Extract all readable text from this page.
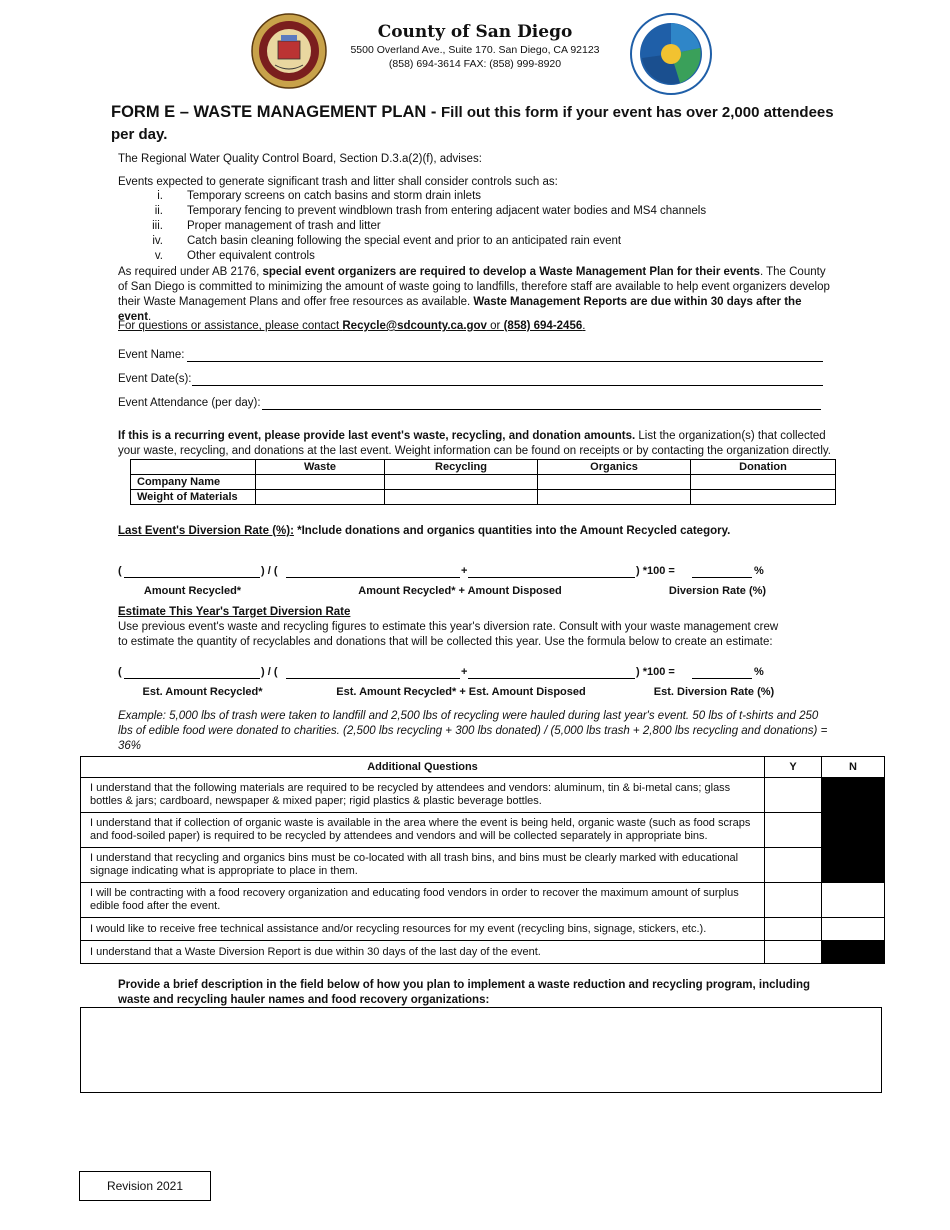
County of San Diego
5500 Overland Ave., Suite 170. San Diego, CA 92123
(858) 694-3614 FAX: (858) 999-8920
FORM E – WASTE MANAGEMENT PLAN - Fill out this form if your event has over 2,000 attendees
per day.
The Regional Water Quality Control Board, Section D.3.a(2)(f), advises:
Events expected to generate significant trash and litter shall consider controls such as:
i. Temporary screens on catch basins and storm drain inlets
ii. Temporary fencing to prevent windblown trash from entering adjacent water bodies and MS4 channels
iii. Proper management of trash and litter
iv. Catch basin cleaning following the special event and prior to an anticipated rain event
v. Other equivalent controls
As required under AB 2176, special event organizers are required to develop a Waste Management Plan for their events. The County of San Diego is committed to minimizing the amount of waste going to landfills, therefore staff are available to help event organizers develop their Waste Management Plans and offer free resources as available. Waste Management Reports are due within 30 days after the event.
For questions or assistance, please contact Recycle@sdcounty.ca.gov or (858) 694-2456.
Event Name:
Event Date(s):
Event Attendance (per day):
If this is a recurring event, please provide last event's waste, recycling, and donation amounts. List the organization(s) that collected your waste, recycling, and donations at the last event. Weight information can be found on receipts or by contacting the organization directly.
	Waste	Recycling	Organics	Donation
Company Name				
Weight of Materials				
Last Event's Diversion Rate (%): *Include donations and organics quantities into the Amount Recycled category.
(	) / (	+	) *100 =	%
Amount Recycled*	Amount Recycled* + Amount Disposed	Diversion Rate (%)
Estimate This Year's Target Diversion Rate
Use previous event's waste and recycling figures to estimate this year's diversion rate. Consult with your waste management crew to estimate the quantity of recyclables and donations that will be collected this year. Use the formula below to create an estimate:
(	) / (	+	) *100 =	%
Est. Amount Recycled*	Est. Amount Recycled* + Est. Amount Disposed	Est. Diversion Rate (%)
Example: 5,000 lbs of trash were taken to landfill and 2,500 lbs of recycling were hauled during last year's event. 50 lbs of t-shirts and 250 lbs of edible food were donated to charities. (2,500 lbs recycling + 300 lbs donated) / (5,000 lbs trash + 2,800 lbs recycling and donations) = 36%
Additional Questions	Y	N
I understand that the following materials are required to be recycled by attendees and vendors: aluminum, tin & bi-metal cans; glass bottles & jars; cardboard, newspaper & mixed paper; rigid plastics & plastic beverage bottles.		
I understand that if collection of organic waste is available in the area where the event is being held, organic waste (such as food scraps and food-soiled paper) is required to be recycled by attendees and vendors and will be collected separately in appropriate bins.		
I understand that recycling and organics bins must be co-located with all trash bins, and bins must be clearly marked with educational signage indicating what is appropriate to place in them.		
I will be contracting with a food recovery organization and educating food vendors in order to recover the maximum amount of surplus edible food after the event.		
I would like to receive free technical assistance and/or recycling resources for my event (recycling bins, signage, stickers, etc.).		
I understand that a Waste Diversion Report is due within 30 days of the last day of the event.		
Provide a brief description in the field below of how you plan to implement a waste reduction and recycling program, including waste and recycling hauler names and food recovery organizations:
Revision 2021
